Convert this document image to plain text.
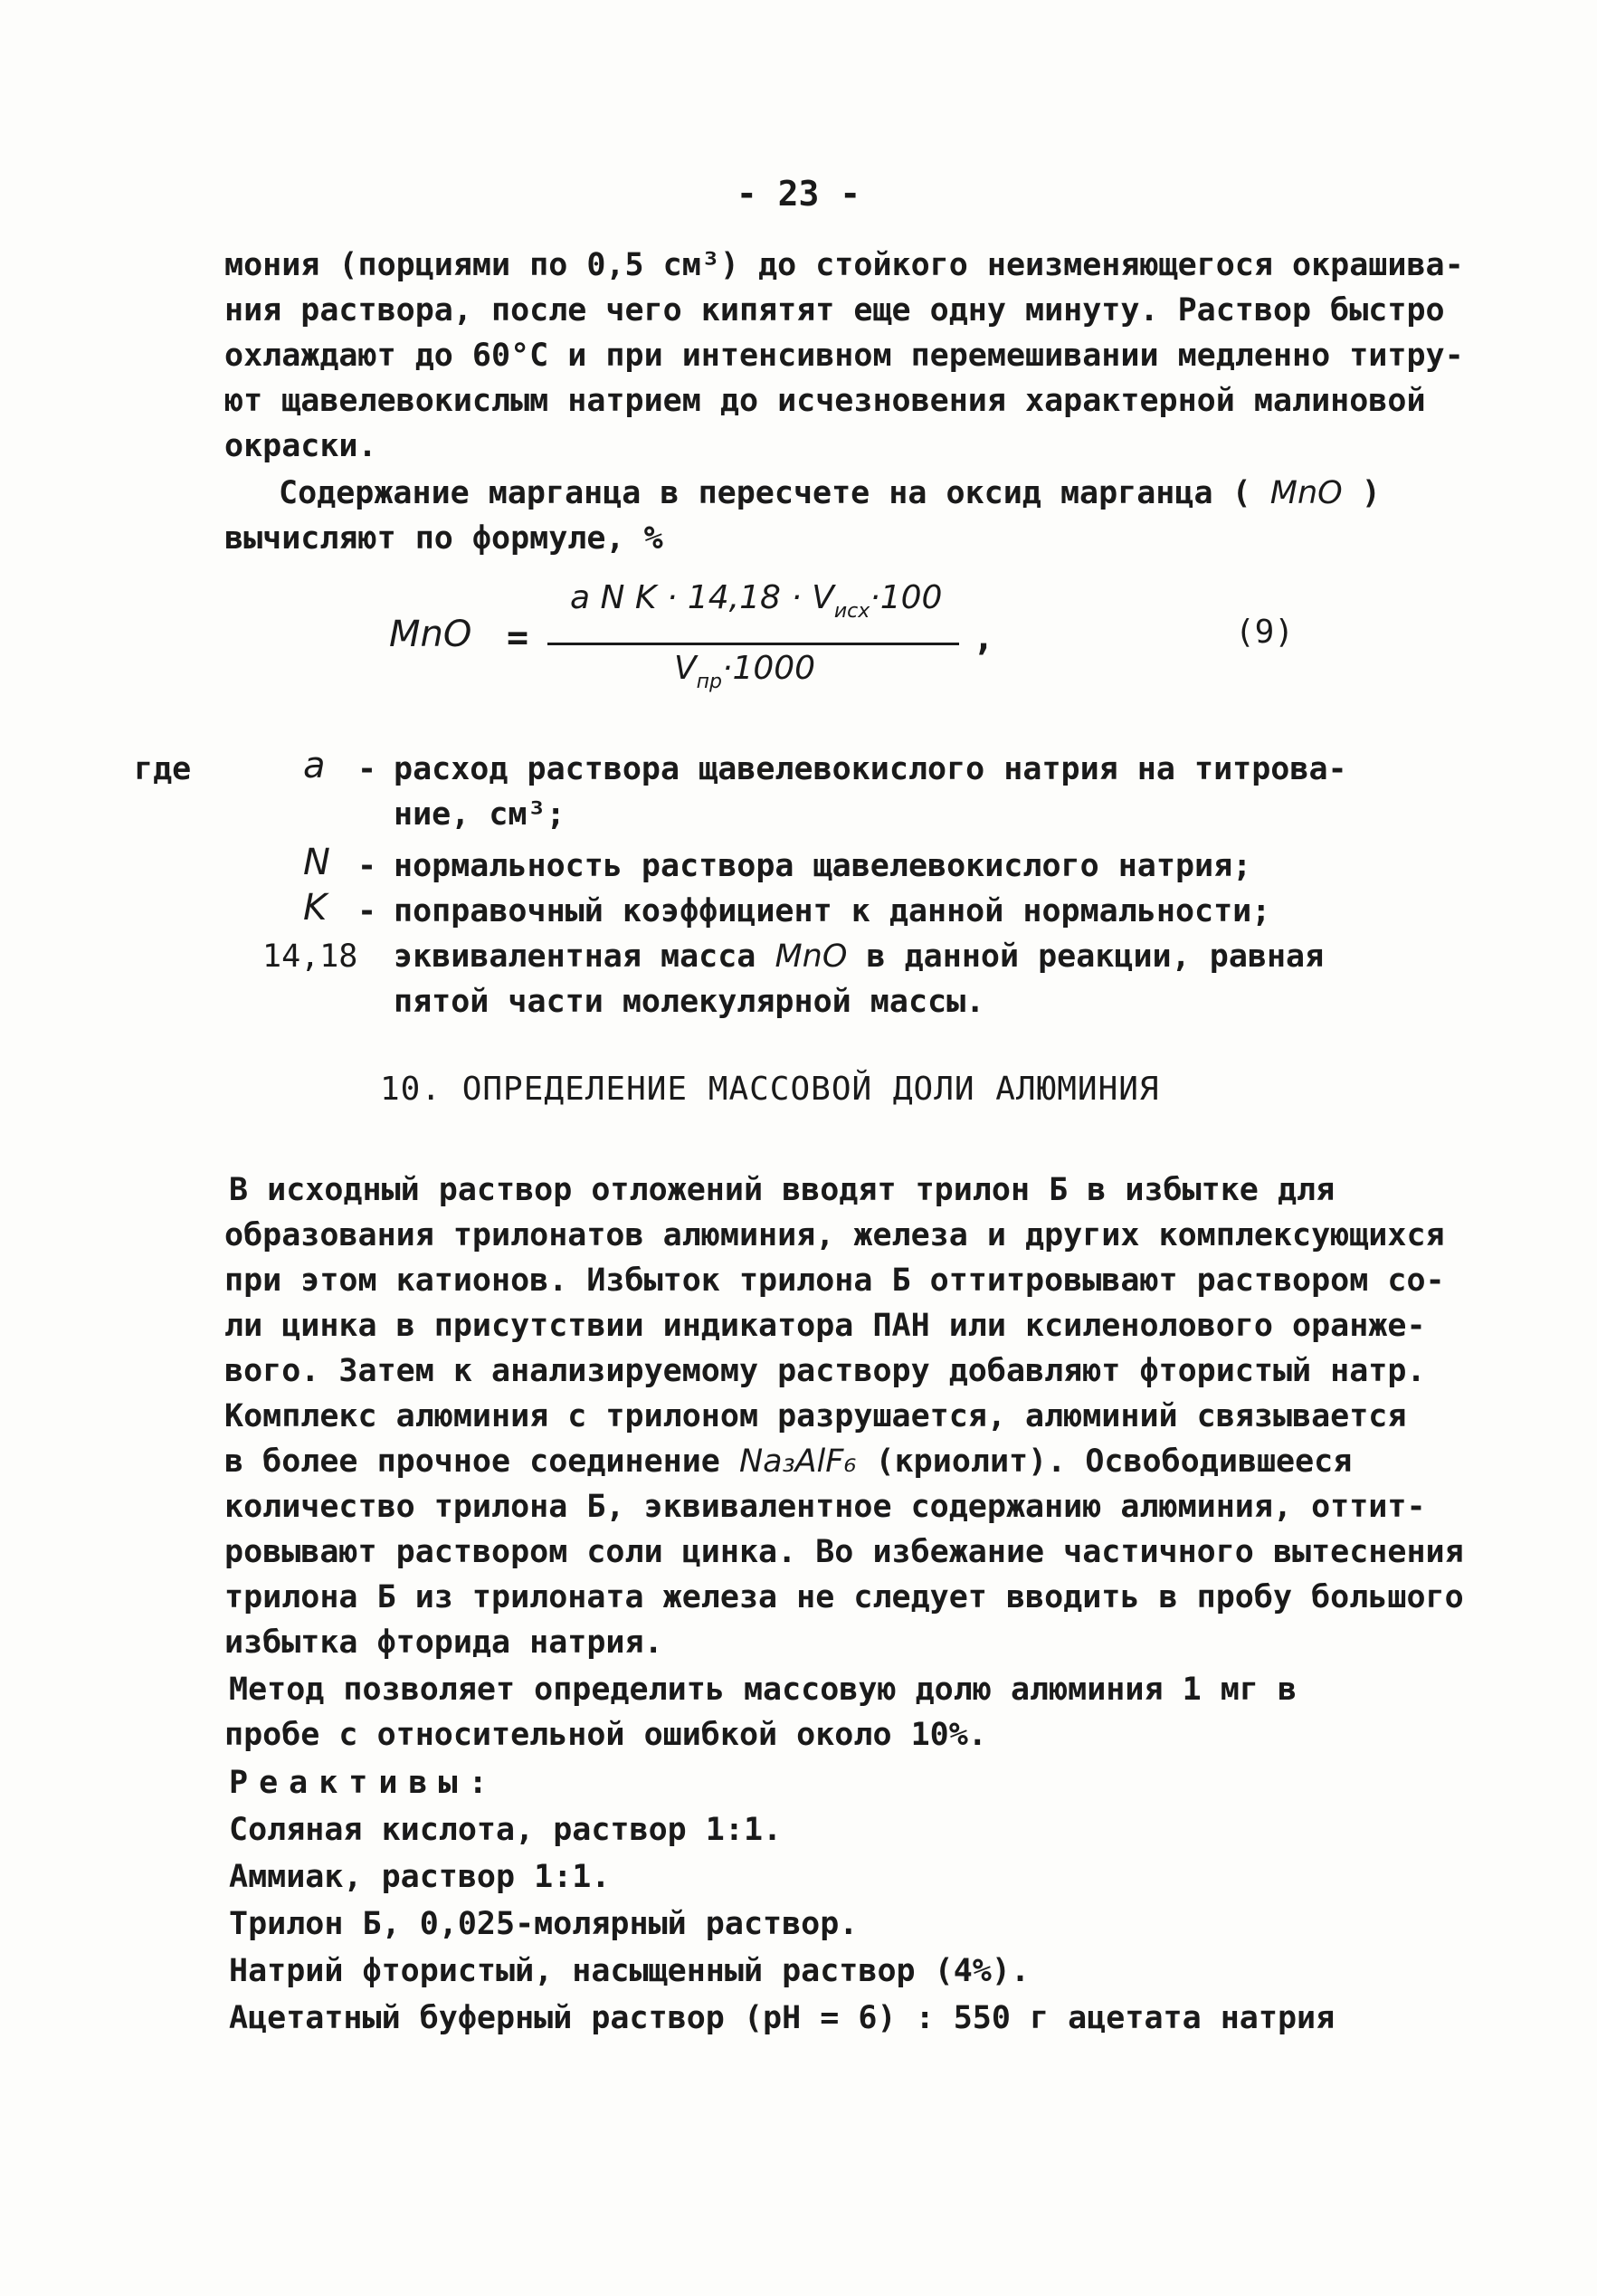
- 23 -
мония (порциями по 0,5 см³) до стойкого неизменяющегося окрашива-
ния раствора, после чего кипятят еще одну минуту. Раствор быстро
охлаждают до 60°С и при интенсивном перемешивании медленно титру-
ют щавелевокислым натрием до исчезновения характерной малиновой
окраски.
Содержание марганца в пересчете на оксид марганца ( MnO )
вычисляют по формуле, %
MnO =
a N $K \cdot 14,18 \cdot V_{исх}\cdot 100$
$V_{пр}\cdot 1000$
,	(9)
где	a - расход раствора щавелевокислого натрия на титрова-
ние, см³;
N - нормальность раствора щавелевокислого натрия;
K - поправочный коэффициент к данной нормальности;
14,18 эквивалентная масса MnO в данной реакции, равная
пятой части молекулярной массы.
10. ОПРЕДЕЛЕНИЕ МАССОВОЙ ДОЛИ АЛЮМИНИЯ
В исходный раствор отложений вводят трилон Б в избытке для
образования трилонатов алюминия, железа и других комплексующихся
при этом катионов. Избыток трилона Б оттитровывают раствором со-
ли цинка в присутствии индикатора ПАН или ксиленолового оранже-
вого. Затем к анализируемому раствору добавляют фтористый натр.
Комплекс алюминия с трилоном разрушается, алюминий связывается
в более прочное соединение Na₃AlF₆ (криолит). Освободившееся
количество трилона Б, эквивалентное содержанию алюминия, оттит-
ровывают раствором соли цинка. Во избежание частичного вытеснения
трилона Б из трилоната железа не следует вводить в пробу большого
избытка фторида натрия.
Метод позволяет определить массовую долю алюминия 1 мг в
пробе с относительной ошибкой около 10%.
Реактивы:
Соляная кислота, раствор 1:1.
Аммиак, раствор 1:1.
Трилон Б, 0,025-молярный раствор.
Натрий фтористый, насыщенный раствор (4%).
Ацетатный буферный раствор (рН = 6) : 550 г ацетата натрия
